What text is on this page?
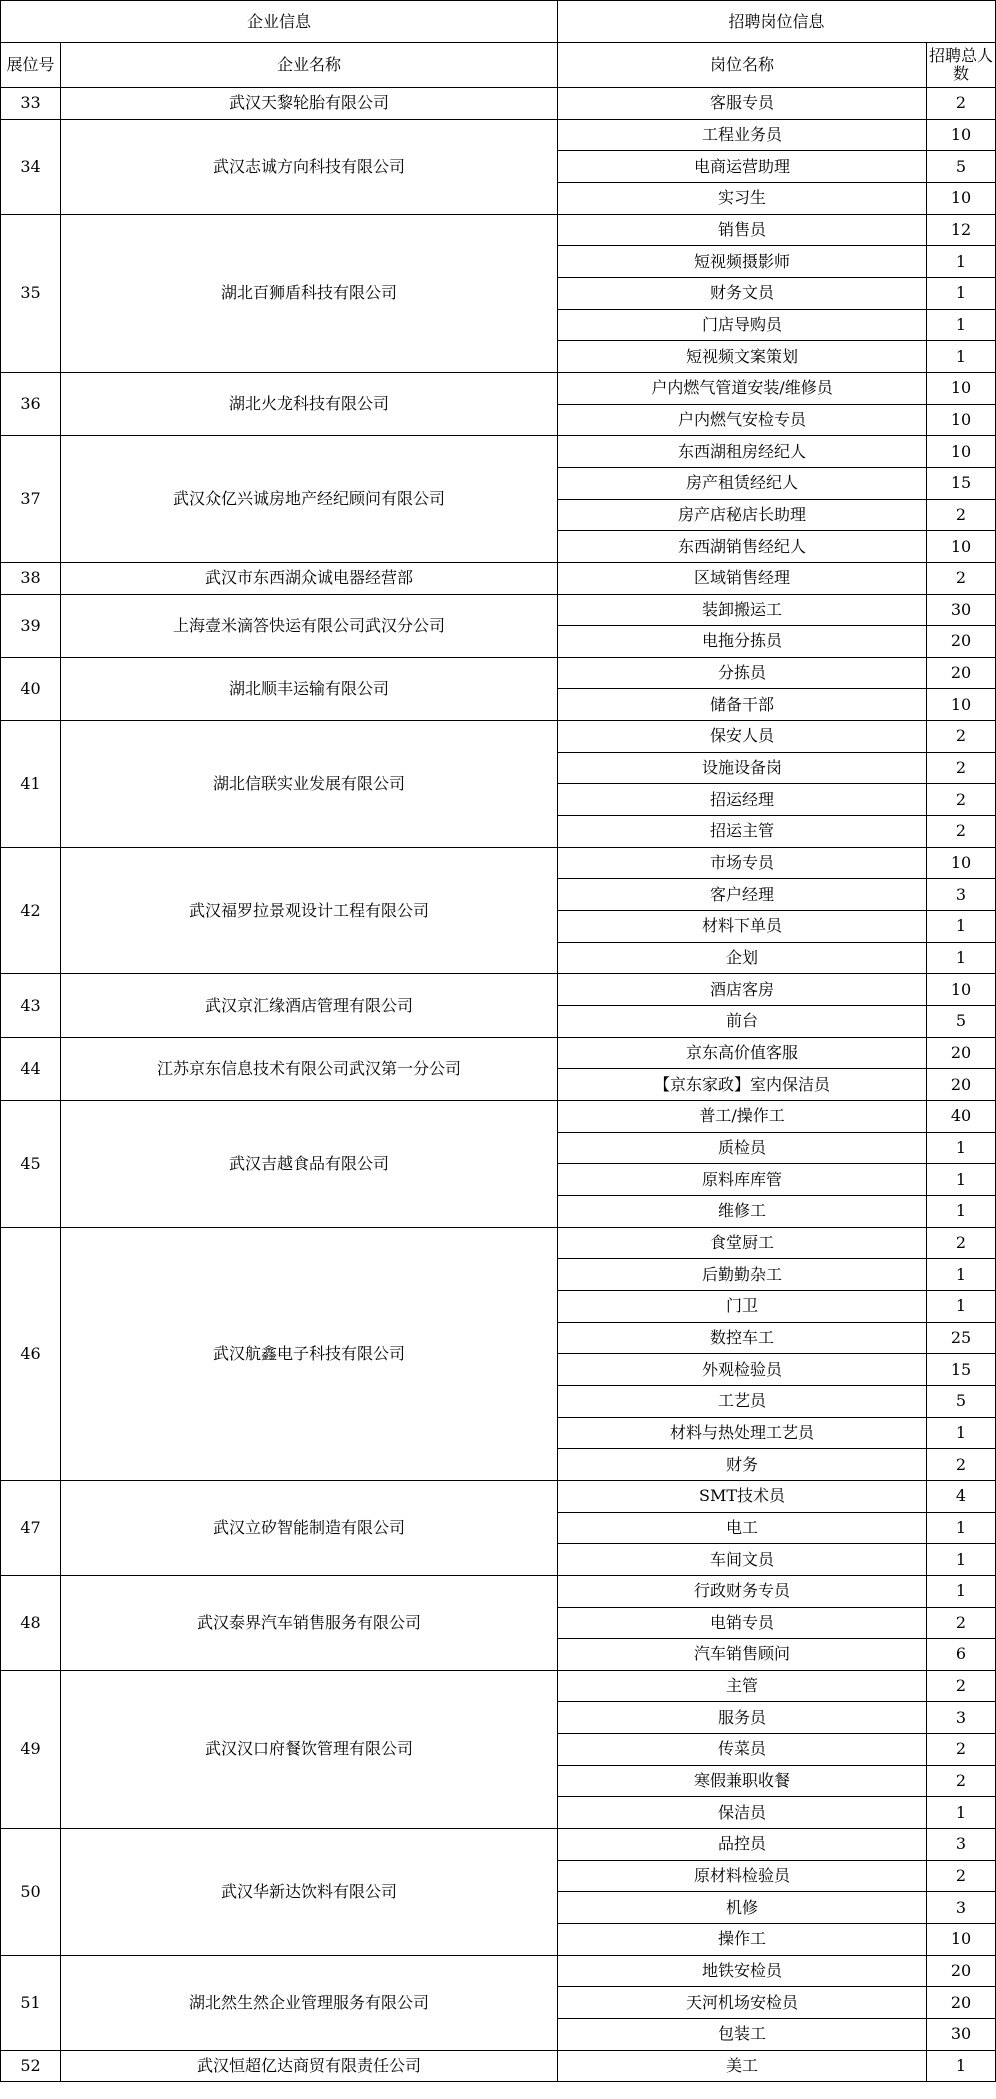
企业信息		招聘岗位信息	
展位号	企业名称	岗位名称	招聘总人数
33	武汉天黎轮胎有限公司	客服专员	2
34	武汉志诚方向科技有限公司	工程业务员	10
		电商运营助理	5
		实习生	10
35	湖北百狮盾科技有限公司	销售员	12
		短视频摄影师	1
		财务文员	1
		门店导购员	1
		短视频文案策划	1
36	湖北火龙科技有限公司	户内燃气管道安装/维修员	10
		户内燃气安检专员	10
37	武汉众亿兴诚房地产经纪顾问有限公司	东西湖租房经纪人	10
		房产租赁经纪人	15
		房产店秘店长助理	2
		东西湖销售经纪人	10
38	武汉市东西湖众诚电器经营部	区域销售经理	2
39	上海壹米滴答快运有限公司武汉分公司	装卸搬运工	30
		电拖分拣员	20
40	湖北顺丰运输有限公司	分拣员	20
		储备干部	10
41	湖北信联实业发展有限公司	保安人员	2
		设施设备岗	2
		招运经理	2
		招运主管	2
42	武汉福罗拉景观设计工程有限公司	市场专员	10
		客户经理	3
		材料下单员	1
		企划	1
43	武汉京汇缘酒店管理有限公司	酒店客房	10
		前台	5
44	江苏京东信息技术有限公司武汉第一分公司	京东高价值客服	20
		【京东家政】室内保洁员	20
45	武汉吉越食品有限公司	普工/操作工	40
		质检员	1
		原料库库管	1
		维修工	1
46	武汉航鑫电子科技有限公司	食堂厨工	2
		后勤勤杂工	1
		门卫	1
		数控车工	25
		外观检验员	15
		工艺员	5
		材料与热处理工艺员	1
		财务	2
47	武汉立矽智能制造有限公司	SMT技术员	4
		电工	1
		车间文员	1
48	武汉泰界汽车销售服务有限公司	行政财务专员	1
		电销专员	2
		汽车销售顾问	6
49	武汉汉口府餐饮管理有限公司	主管	2
		服务员	3
		传菜员	2
		寒假兼职收餐	2
		保洁员	1
50	武汉华新达饮料有限公司	品控员	3
		原材料检验员	2
		机修	3
		操作工	10
51	湖北然生然企业管理服务有限公司	地铁安检员	20
		天河机场安检员	20
		包装工	30
52	武汉恒超亿达商贸有限责任公司	美工	1
